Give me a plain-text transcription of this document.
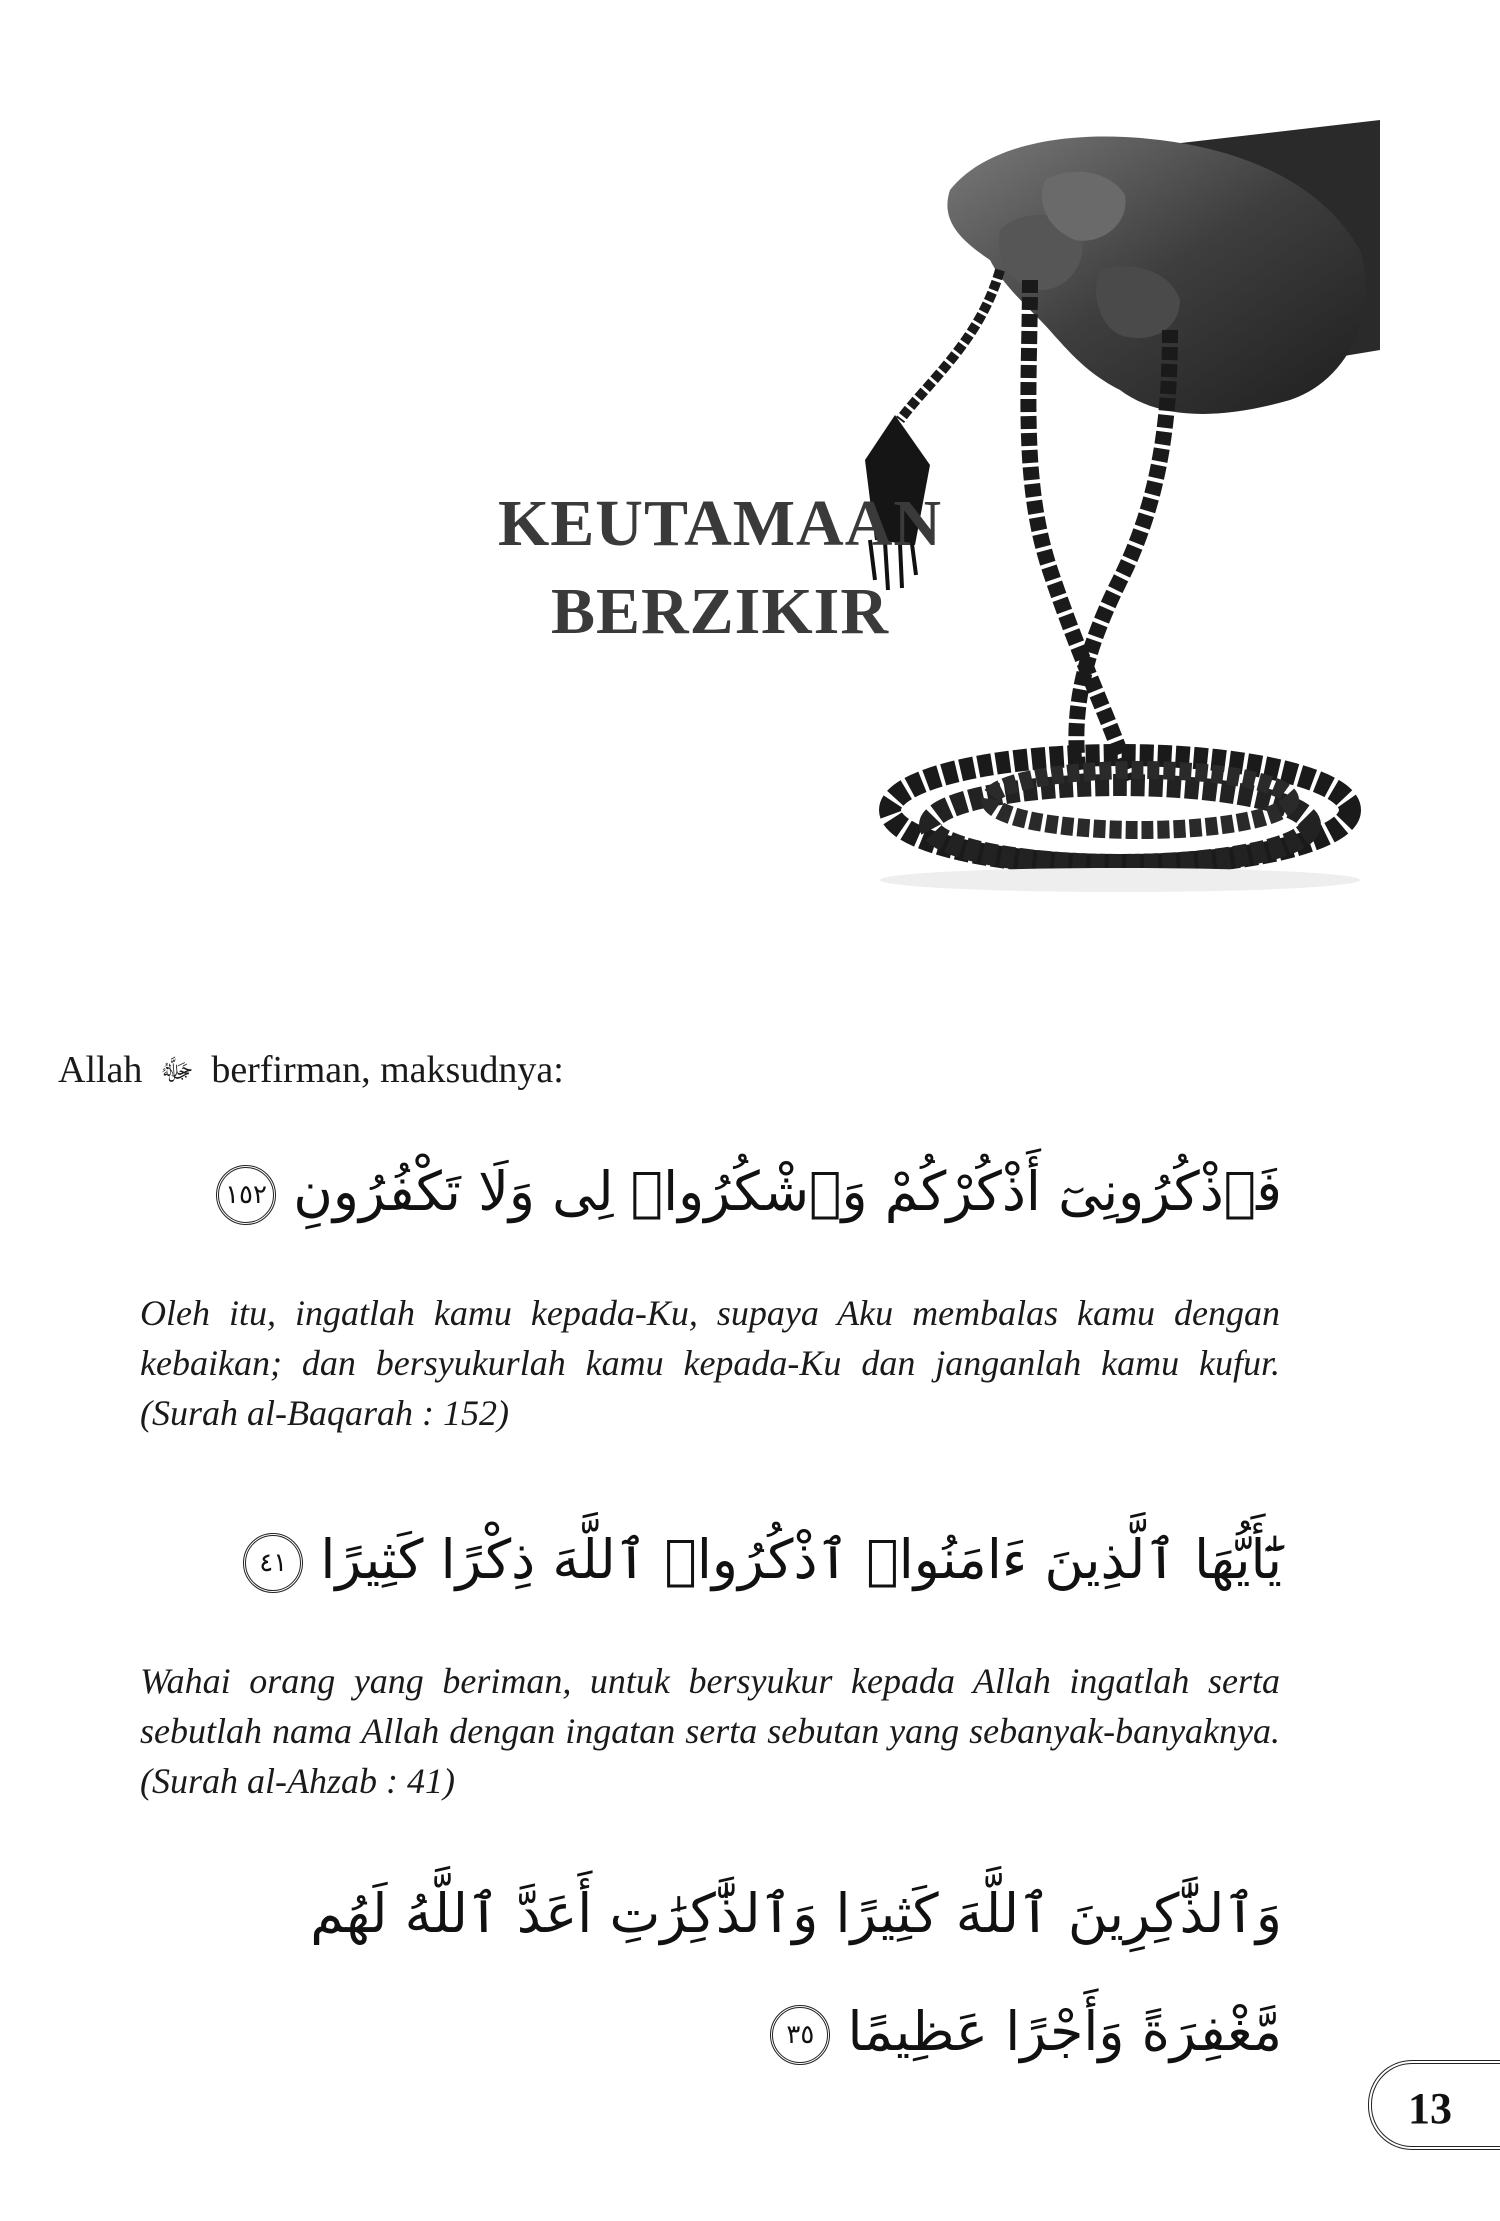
KEUTAMAAN
BERZIKIR
Allah ﷻ berfirman, maksudnya:
فَٱذْكُرُونِىٓ أَذْكُرْكُمْ وَٱشْكُرُوا۟ لِى وَلَا تَكْفُرُونِ ١٥٢
Oleh itu, ingatlah kamu kepada-Ku, supaya Aku membalas kamu dengan kebaikan; dan bersyukurlah kamu kepada-Ku dan janganlah kamu kufur. (Surah al-Baqarah : 152)
يَٰٓأَيُّهَا ٱلَّذِينَ ءَامَنُوا۟ ٱذْكُرُوا۟ ٱللَّهَ ذِكْرًا كَثِيرًا ٤١
Wahai orang yang beriman, untuk bersyukur kepada Allah ingatlah serta sebutlah nama Allah dengan ingatan serta sebutan yang sebanyak-banyaknya. (Surah al-Ahzab : 41)
وَٱلذَّٰكِرِينَ ٱللَّهَ كَثِيرًا وَٱلذَّٰكِرَٰتِ أَعَدَّ ٱللَّهُ لَهُم
مَّغْفِرَةً وَأَجْرًا عَظِيمًا ٣٥
13
